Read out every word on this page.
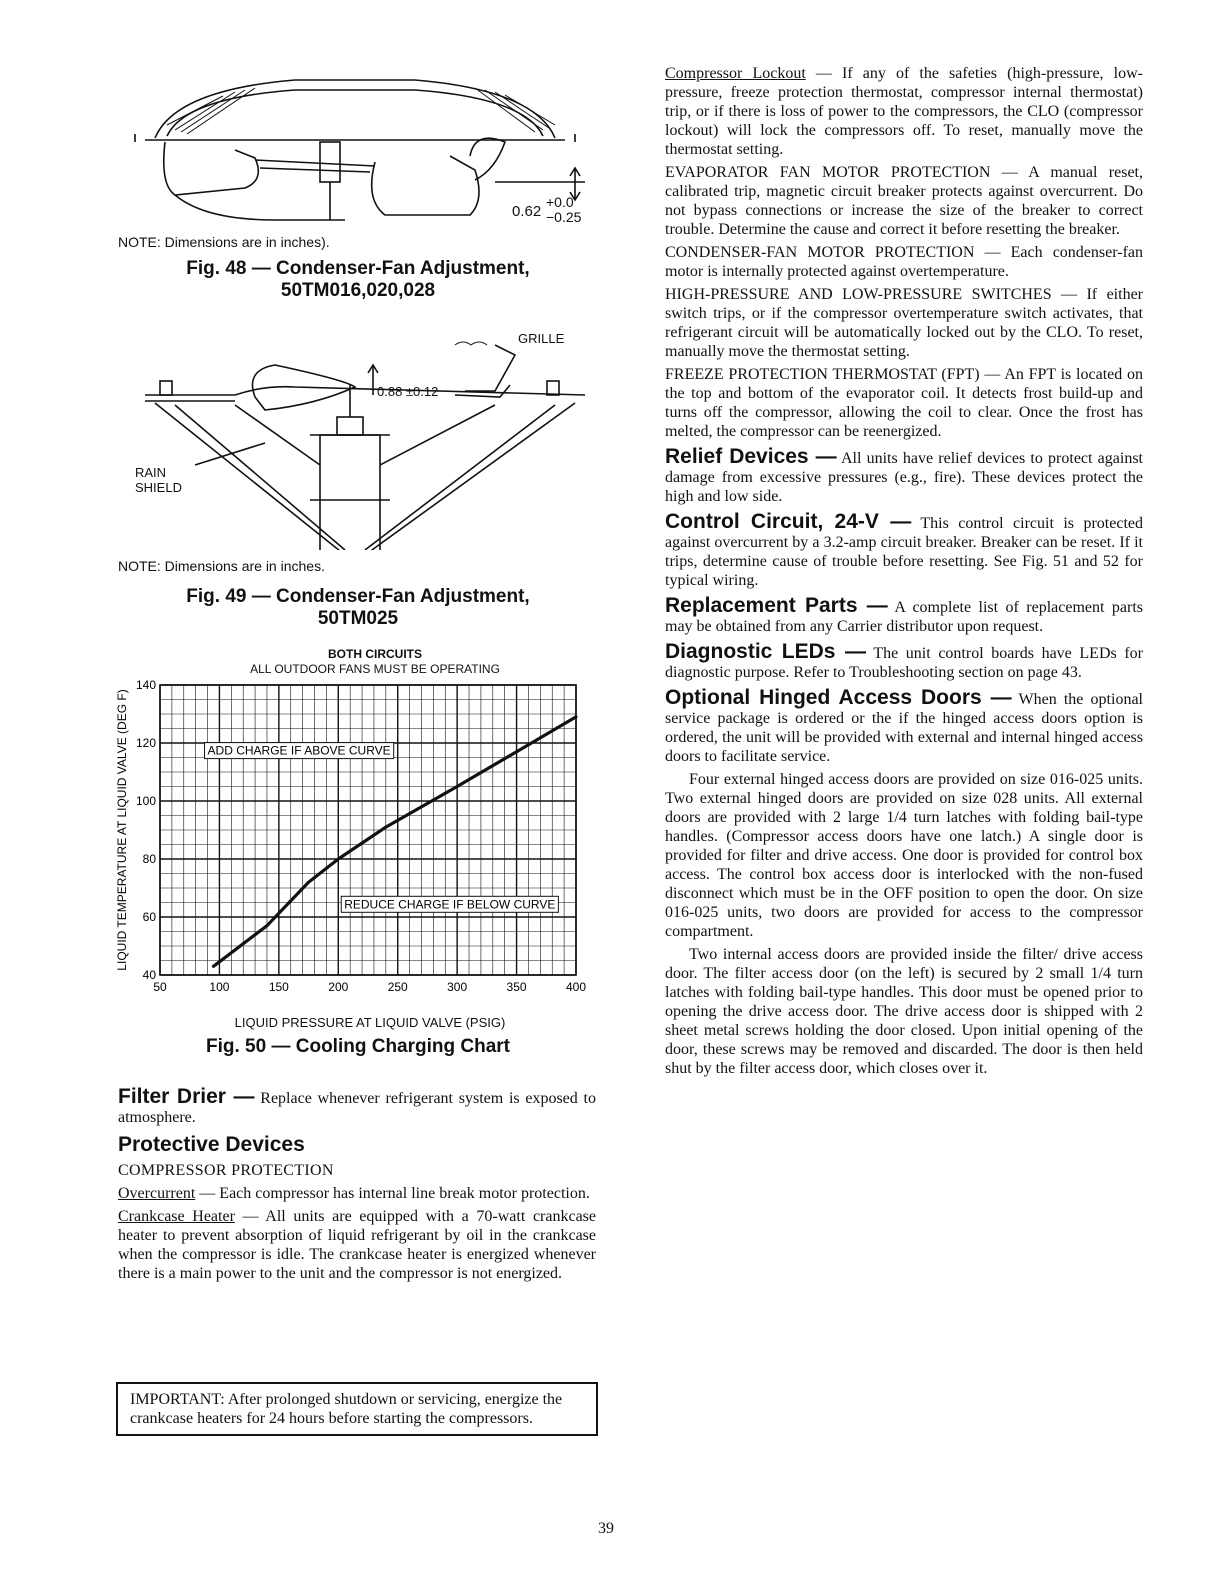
0.62
+0.0
−0.25
NOTE: Dimensions are in inches).
Fig. 48 — Condenser-Fan Adjustment,
50TM016,020,028
GRILLE
0.88 ±0.12
RAIN
SHIELD
NOTE: Dimensions are in inches.
Fig. 49 — Condenser-Fan Adjustment,
50TM025
BOTH CIRCUITS
ALL OUTDOOR FANS MUST BE OPERATING
50	100	150	200	250	300	350	400
40
60
80
100
120
140
LIQUID TEMPERATURE AT LIQUID VALVE (DEG F)	ADD CHARGE IF ABOVE CURVE
REDUCE CHARGE IF BELOW CURVE
LIQUID PRESSURE AT LIQUID VALVE (PSIG)
Fig. 50 — Cooling Charging Chart
Filter Drier — Replace whenever refrigerant system is exposed to atmosphere.
Protective Devices
COMPRESSOR PROTECTION
Overcurrent — Each compressor has internal line break motor protection.
Crankcase Heater — All units are equipped with a 70-watt crankcase heater to prevent absorption of liquid refrigerant by oil in the crankcase when the compressor is idle. The crankcase heater is energized whenever there is a main power to the unit and the compressor is not energized.
IMPORTANT: After prolonged shutdown or servicing, energize the crankcase heaters for 24 hours before starting the compressors.

Compressor Lockout — If any of the safeties (high-pressure, low-pressure, freeze protection thermostat, compressor internal thermostat) trip, or if there is loss of power to the compressors, the CLO (compressor lockout) will lock the compressors off. To reset, manually move the thermostat setting.

EVAPORATOR FAN MOTOR PROTECTION — A manual reset, calibrated trip, magnetic circuit breaker protects against overcurrent. Do not bypass connections or increase the size of the breaker to correct trouble. Determine the cause and correct it before resetting the breaker.

CONDENSER-FAN MOTOR PROTECTION — Each condenser-fan motor is internally protected against overtemperature.

HIGH-PRESSURE AND LOW-PRESSURE SWITCHES — If either switch trips, or if the compressor overtemperature switch activates, that refrigerant circuit will be automatically locked out by the CLO. To reset, manually move the thermostat setting.

FREEZE PROTECTION THERMOSTAT (FPT) — An FPT is located on the top and bottom of the evaporator coil. It detects frost build-up and turns off the compressor, allowing the coil to clear. Once the frost has melted, the compressor can be reenergized.

Relief Devices — All units have relief devices to protect against damage from excessive pressures (e.g., fire). These devices protect the high and low side.

Control Circuit, 24-V — This control circuit is protected against overcurrent by a 3.2-amp circuit breaker. Breaker can be reset. If it trips, determine cause of trouble before resetting. See Fig. 51 and 52 for typical wiring.

Replacement Parts — A complete list of replacement parts may be obtained from any Carrier distributor upon request.

Diagnostic LEDs — The unit control boards have LEDs for diagnostic purpose. Refer to Troubleshooting section on page 43.

Optional Hinged Access Doors — When the optional service package is ordered or the if the hinged access doors option is ordered, the unit will be provided with external and internal hinged access doors to facilitate service.

Four external hinged access doors are provided on size 016-025 units. Two external hinged doors are provided on size 028 units. All external doors are provided with 2 large 1/4 turn latches with folding bail-type handles. (Compressor access doors have one latch.) A single door is provided for filter and drive access. One door is provided for control box access. The control box access door is interlocked with the non-fused disconnect which must be in the OFF position to open the door. On size 016-025 units, two doors are provided for access to the compressor compartment.

Two internal access doors are provided inside the filter/ drive access door. The filter access door (on the left) is secured by 2 small 1/4 turn latches with folding bail-type handles. This door must be opened prior to opening the drive access door. The drive access door is shipped with 2 sheet metal screws holding the door closed. Upon initial opening of the door, these screws may be removed and discarded. The door is then held shut by the filter access door, which closes over it.

39
